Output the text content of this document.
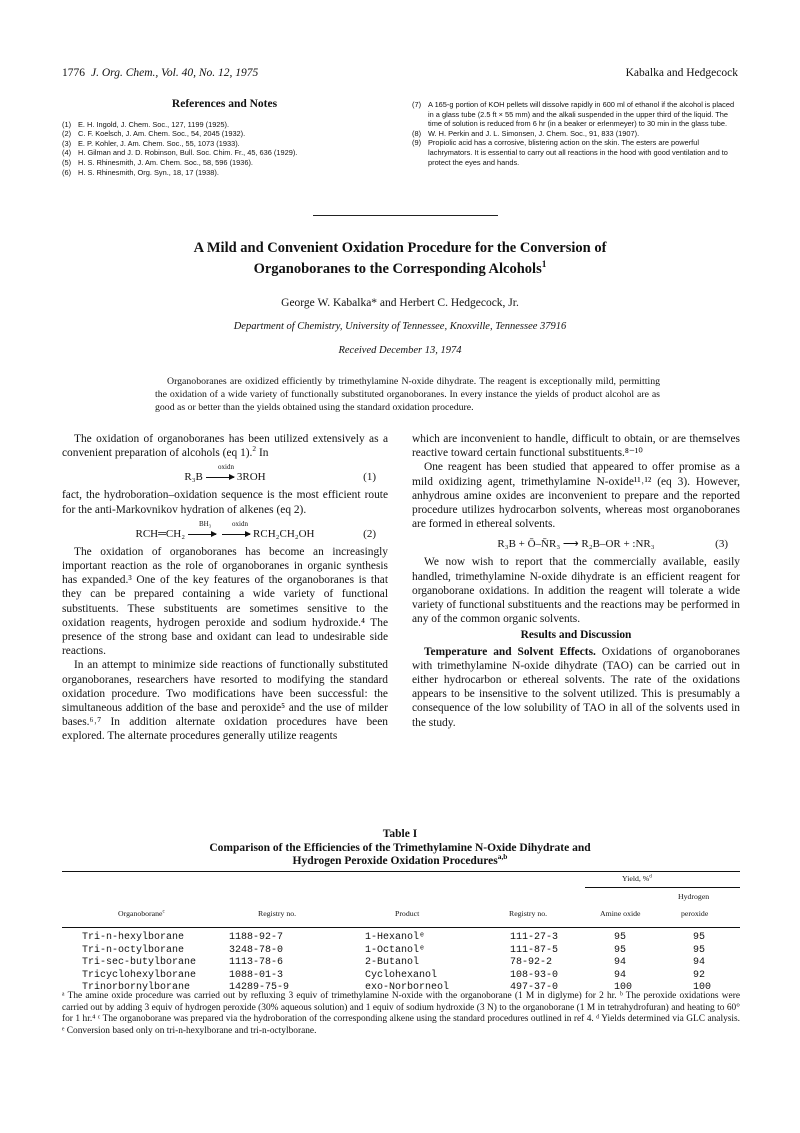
1776 J. Org. Chem., Vol. 40, No. 12, 1975	Kabalka and Hedgecock
References and Notes
(1) E. H. Ingold, J. Chem. Soc., 127, 1199 (1925).
(2) C. F. Koelsch, J. Am. Chem. Soc., 54, 2045 (1932).
(3) E. P. Kohler, J. Am. Chem. Soc., 55, 1073 (1933).
(4) H. Gilman and J. D. Robinson, Bull. Soc. Chim. Fr., 45, 636 (1929).
(5) H. S. Rhinesmith, J. Am. Chem. Soc., 58, 596 (1936).
(6) H. S. Rhinesmith, Org. Syn., 18, 17 (1938).
(7) A 165-g portion of KOH pellets will dissolve rapidly in 600 ml of ethanol if the alcohol is placed in a glass tube (2.5 ft × 55 mm) and the alkali suspended in the upper third of the liquid. The time of solution is reduced from 6 hr (in a beaker or erlenmeyer) to 30 min in the glass tube.
(8) W. H. Perkin and J. L. Simonsen, J. Chem. Soc., 91, 833 (1907).
(9) Propiolic acid has a corrosive, blistering action on the skin. The esters are powerful lachrymators. It is essential to carry out all reactions in the hood with good ventilation and to protect the eyes and hands.
A Mild and Convenient Oxidation Procedure for the Conversion of
Organoboranes to the Corresponding Alcohols$^1$
George W. Kabalka* and Herbert C. Hedgecock, Jr.
Department of Chemistry, University of Tennessee, Knoxville, Tennessee 37916
Received December 13, 1974
Organoboranes are oxidized efficiently by trimethylamine N-oxide dihydrate. The reagent is exceptionally mild, permitting the oxidation of a wide variety of functionally substituted organoboranes. In every instance the yields of product alcohol are as good as or better than the yields obtained using the standard oxidation procedure.

The oxidation of organoboranes has been utilized extensively as a convenient preparation of alcohols (eq 1).$^2$ In

oxidn
R₃B	3ROH	(1)

fact, the hydroboration–oxidation sequence is the most efficient route for the anti-Markovnikov hydration of alkenes (eq 2).

BH₃	oxidn
RCH═CH₂	RCH₂CH₂OH	(2)

The oxidation of organoboranes has become an increasingly important reaction as the role of organoboranes in organic synthesis has expanded.³ One of the key features of the organoboranes is that they can be prepared containing a wide variety of functional substituents. These substituents are sometimes sensitive to the oxidation reagents, hydrogen peroxide and sodium hydroxide.⁴ The presence of the strong base and oxidant can lead to undesirable side reactions.

In an attempt to minimize side reactions of functionally substituted organoboranes, researchers have resorted to modifying the standard oxidation procedure. Two modifications have been successful: the simultaneous addition of the base and peroxide⁵ and the use of milder bases.⁶˒⁷ In addition alternate oxidation procedures have been explored. The alternate procedures generally utilize reagents

which are inconvenient to handle, difficult to obtain, or are themselves reactive toward certain functional substituents.⁸⁻¹⁰

One reagent has been studied that appeared to offer promise as a mild oxidizing agent, trimethylamine N-oxide¹¹˒¹² (eq 3). However, anhydrous amine oxides are inconvenient to prepare and the reported procedure utilizes hydrocarbon solvents, whereas most organoboranes are formed in ethereal solvents.

R₃B + Ō–N̄R₃ ⟶ R₂B–OR + :NR₃	(3)

We now wish to report that the commercially available, easily handled, trimethylamine N-oxide dihydrate is an efficient reagent for organoborane oxidations. In addition the reagent will tolerate a wide variety of functional substituents and the reactions may be performed in any of the common organic solvents.

Results and Discussion

Temperature and Solvent Effects. Oxidations of organoboranes with trimethylamine N-oxide dihydrate (TAO) can be carried out in either hydrocarbon or ethereal solvents. The rate of the oxidations appears to be insensitive to the solvent utilized. This is presumably a consequence of the low solubility of TAO in all of the solvents used in the study.

Table I
Comparison of the Efficiencies of the Trimethylamine N-Oxide Dihydrate and
Hydrogen Peroxide Oxidation Procedures$^{a,b}$
Yield, %$^d$
Hydrogen
Organoborane$^c$	Registry no.	Product	Registry no.	Amine oxide	peroxide
Tri-n-hexylborane	1188-92-7	1-Hexanolᵉ	111-27-3	95	95
Tri-n-octylborane	3248-78-0	1-Octanolᵉ	111-87-5	95	95
Tri-sec-butylborane	1113-78-6	2-Butanol	78-92-2	94	94
Tricyclohexylborane	1088-01-3	Cyclohexanol	108-93-0	94	92
Trinorbornylborane	14289-75-9	exo-Norborneol	497-37-0	100	100
ᵃ The amine oxide procedure was carried out by refluxing 3 equiv of trimethylamine N-oxide with the organoborane (1 M in diglyme) for 2 hr. ᵇ The peroxide oxidations were carried out by adding 3 equiv of hydrogen peroxide (30% aqueous solution) and 1 equiv of sodium hydroxide (3 N) to the organoborane (1 M in tetrahydrofuran) and heating to 60° for 1 hr.⁴ ᶜ The organoborane was prepared via the hydroboration of the corresponding alkene using the standard procedures outlined in ref 4. ᵈ Yields determined via GLC analysis. ᵉ Conversion based only on tri-n-hexylborane and tri-n-octylborane.
